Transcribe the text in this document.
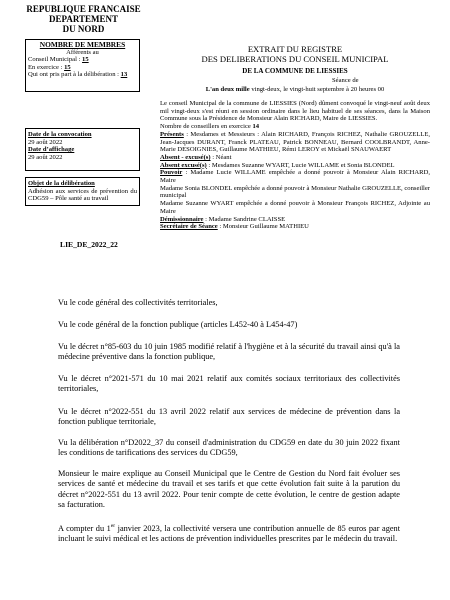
REPUBLIQUE FRANCAISE
DEPARTEMENT
DU NORD
NOMBRE DE MEMBRES
Afférents au
Conseil Municipal : 15
En exercice : 15
Qui ont pris part à la délibération : 13
Date de la convocation
29 août 2022
Date d’affichage
29 août 2022
Objet de la délibération
Adhésion aux services de prévention du CDG59 – Pôle santé au travail
LIE_DE_2022_22
EXTRAIT DU REGISTRE
DES DELIBERATIONS DU CONSEIL MUNICIPAL
DE LA COMMUNE DE LIESSIES
Séance de
L'an deux mille vingt-deux, le vingt-huit septembre à 20 heures 00

Le conseil Municipal de la commune de LIESSIES (Nord) dûment convoqué le vingt-neuf août deux mil vingt-deux s'est réuni en session ordinaire dans le lieu habituel de ses séances, dans la Maison Commune sous la Présidence de Monsieur Alain RICHARD, Maire de LIESSIES.

Nombre de conseillers en exercice 14

Présents : Mesdames et Messieurs : Alain RICHARD, François RICHEZ, Nathalie GROUZELLE, Jean-Jacques DURANT, Franck PLATEAU, Patrick BONNEAU, Bernard COOLBRANDT, Anne-Marie DESOIGNIES, Guillaume MATHIEU, Rémi LEROY et Mickaël SNAUWAERT

Absent - excusé(s) : Néant

Absent excusé(s) : Mesdames Suzanne WYART, Lucie WILLAME et Sonia BLONDEL

Pouvoir : Madame Lucie WILLAME empêchée a donné pouvoir à Monsieur Alain RICHARD, Maire

Madame Sonia BLONDEL empêchée a donné pouvoir à Monsieur Nathalie GROUZELLE, conseiller municipal

Madame Suzanne WYART empêchée a donné pouvoir à Monsieur François RICHEZ, Adjointe au Maire

Démissionnaire : Madame Sandrine CLAISSE

Secrétaire de Séance : Monsieur Guillaume MATHIEU

Vu le code général des collectivités territoriales,
Vu le code général de la fonction publique (articles L452-40 à L454-47)
Vu le décret n°85-603 du 10 juin 1985 modifié relatif à l'hygiène et à la sécurité du travail ainsi qu'à la médecine préventive dans la fonction publique,
Vu le décret n°2021-571 du 10 mai 2021 relatif aux comités sociaux territoriaux des collectivités territoriales,
Vu le décret n°2022-551 du 13 avril 2022 relatif aux services de médecine de prévention dans la fonction publique territoriale,
Vu la délibération n°D2022_37 du conseil d'administration du CDG59 en date du 30 juin 2022 fixant les conditions de tarifications des services du CDG59,
Monsieur le maire explique au Conseil Municipal que le Centre de Gestion du Nord fait évoluer ses services de santé et médecine du travail et ses tarifs et que cette évolution fait suite à la parution du décret n°2022-551 du 13 avril 2022. Pour tenir compte de cette évolution, le centre de gestion adapte sa facturation.
A compter du 1er janvier 2023, la collectivité versera une contribution annuelle de 85 euros par agent incluant le suivi médical et les actions de prévention individuelles prescrites par le médecin du travail.
